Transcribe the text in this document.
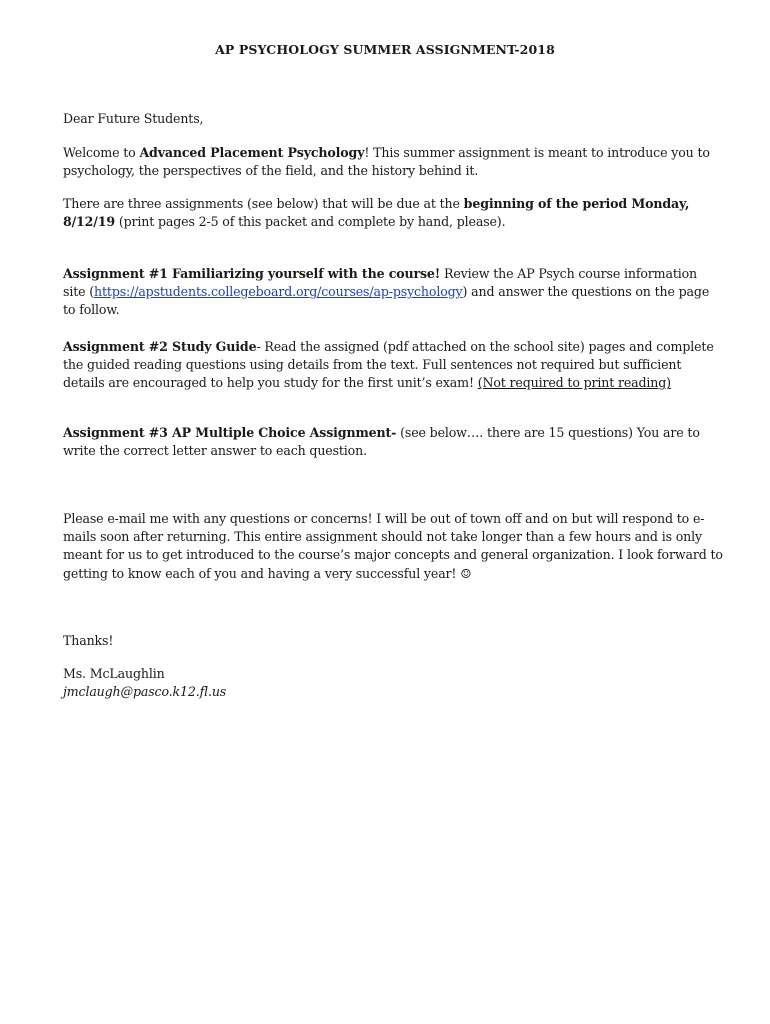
AP PSYCHOLOGY SUMMER ASSIGNMENT-2018
Dear Future Students,
Welcome to Advanced Placement Psychology! This summer assignment is meant to introduce you to psychology, the perspectives of the field, and the history behind it.
There are three assignments (see below) that will be due at the beginning of the period Monday, 8/12/19 (print pages 2-5 of this packet and complete by hand, please).
Assignment #1 Familiarizing yourself with the course! Review the AP Psych course information site (https://apstudents.collegeboard.org/courses/ap-psychology) and answer the questions on the page to follow.
Assignment #2 Study Guide- Read the assigned (pdf attached on the school site) pages and complete the guided reading questions using details from the text. Full sentences not required but sufficient details are encouraged to help you study for the first unit’s exam! (Not required to print reading)
Assignment #3 AP Multiple Choice Assignment- (see below…. there are 15 questions) You are to write the correct letter answer to each question.
Please e-mail me with any questions or concerns! I will be out of town off and on but will respond to e-mails soon after returning. This entire assignment should not take longer than a few hours and is only meant for us to get introduced to the course’s major concepts and general organization. I look forward to getting to know each of you and having a very successful year! ☺
Thanks!
Ms. McLaughlin
jmclaugh@pasco.k12.fl.us
